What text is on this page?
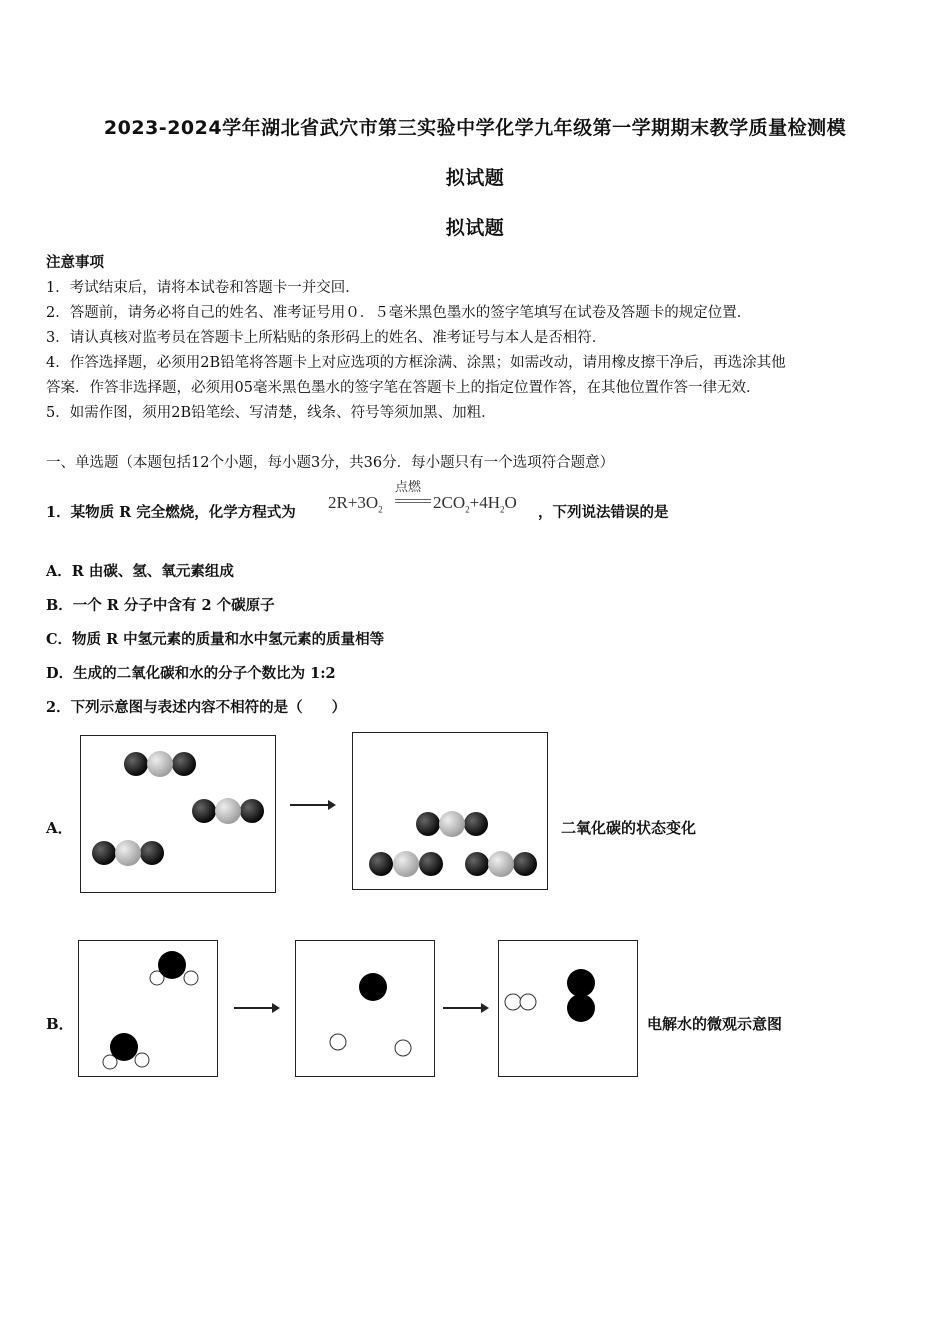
2023-2024学年湖北省武穴市第三实验中学化学九年级第一学期期末教学质量检测模
拟试题
拟试题
注意事项
1．考试结束后，请将本试卷和答题卡一并交回．
2．答题前，请务必将自己的姓名、准考证号用０．５毫米黑色墨水的签字笔填写在试卷及答题卡的规定位置．
3．请认真核对监考员在答题卡上所粘贴的条形码上的姓名、准考证号与本人是否相符．
4．作答选择题，必须用2B铅笔将答题卡上对应选项的方框涂满、涂黑；如需改动，请用橡皮擦干净后，再选涂其他
答案．作答非选择题，必须用05毫米黑色墨水的签字笔在答题卡上的指定位置作答，在其他位置作答一律无效．
5．如需作图，须用2B铅笔绘、写清楚，线条、符号等须加黑、加粗．
一、单选题（本题包括12个小题，每小题3分，共36分．每小题只有一个选项符合题意）
1．某物质 R 完全燃烧，化学方程式为
$2R+3O_2$
点燃
$2CO_2+4H_2O$
，下列说法错误的是
A．R 由碳、氢、氧元素组成
B．一个 R 分子中含有 2 个碳原子
C．物质 R 中氢元素的质量和水中氢元素的质量相等
D．生成的二氧化碳和水的分子个数比为 1:2
2．下列示意图与表述内容不相符的是（　　）
A．	二氧化碳的状态变化
B．	电解水的微观示意图
